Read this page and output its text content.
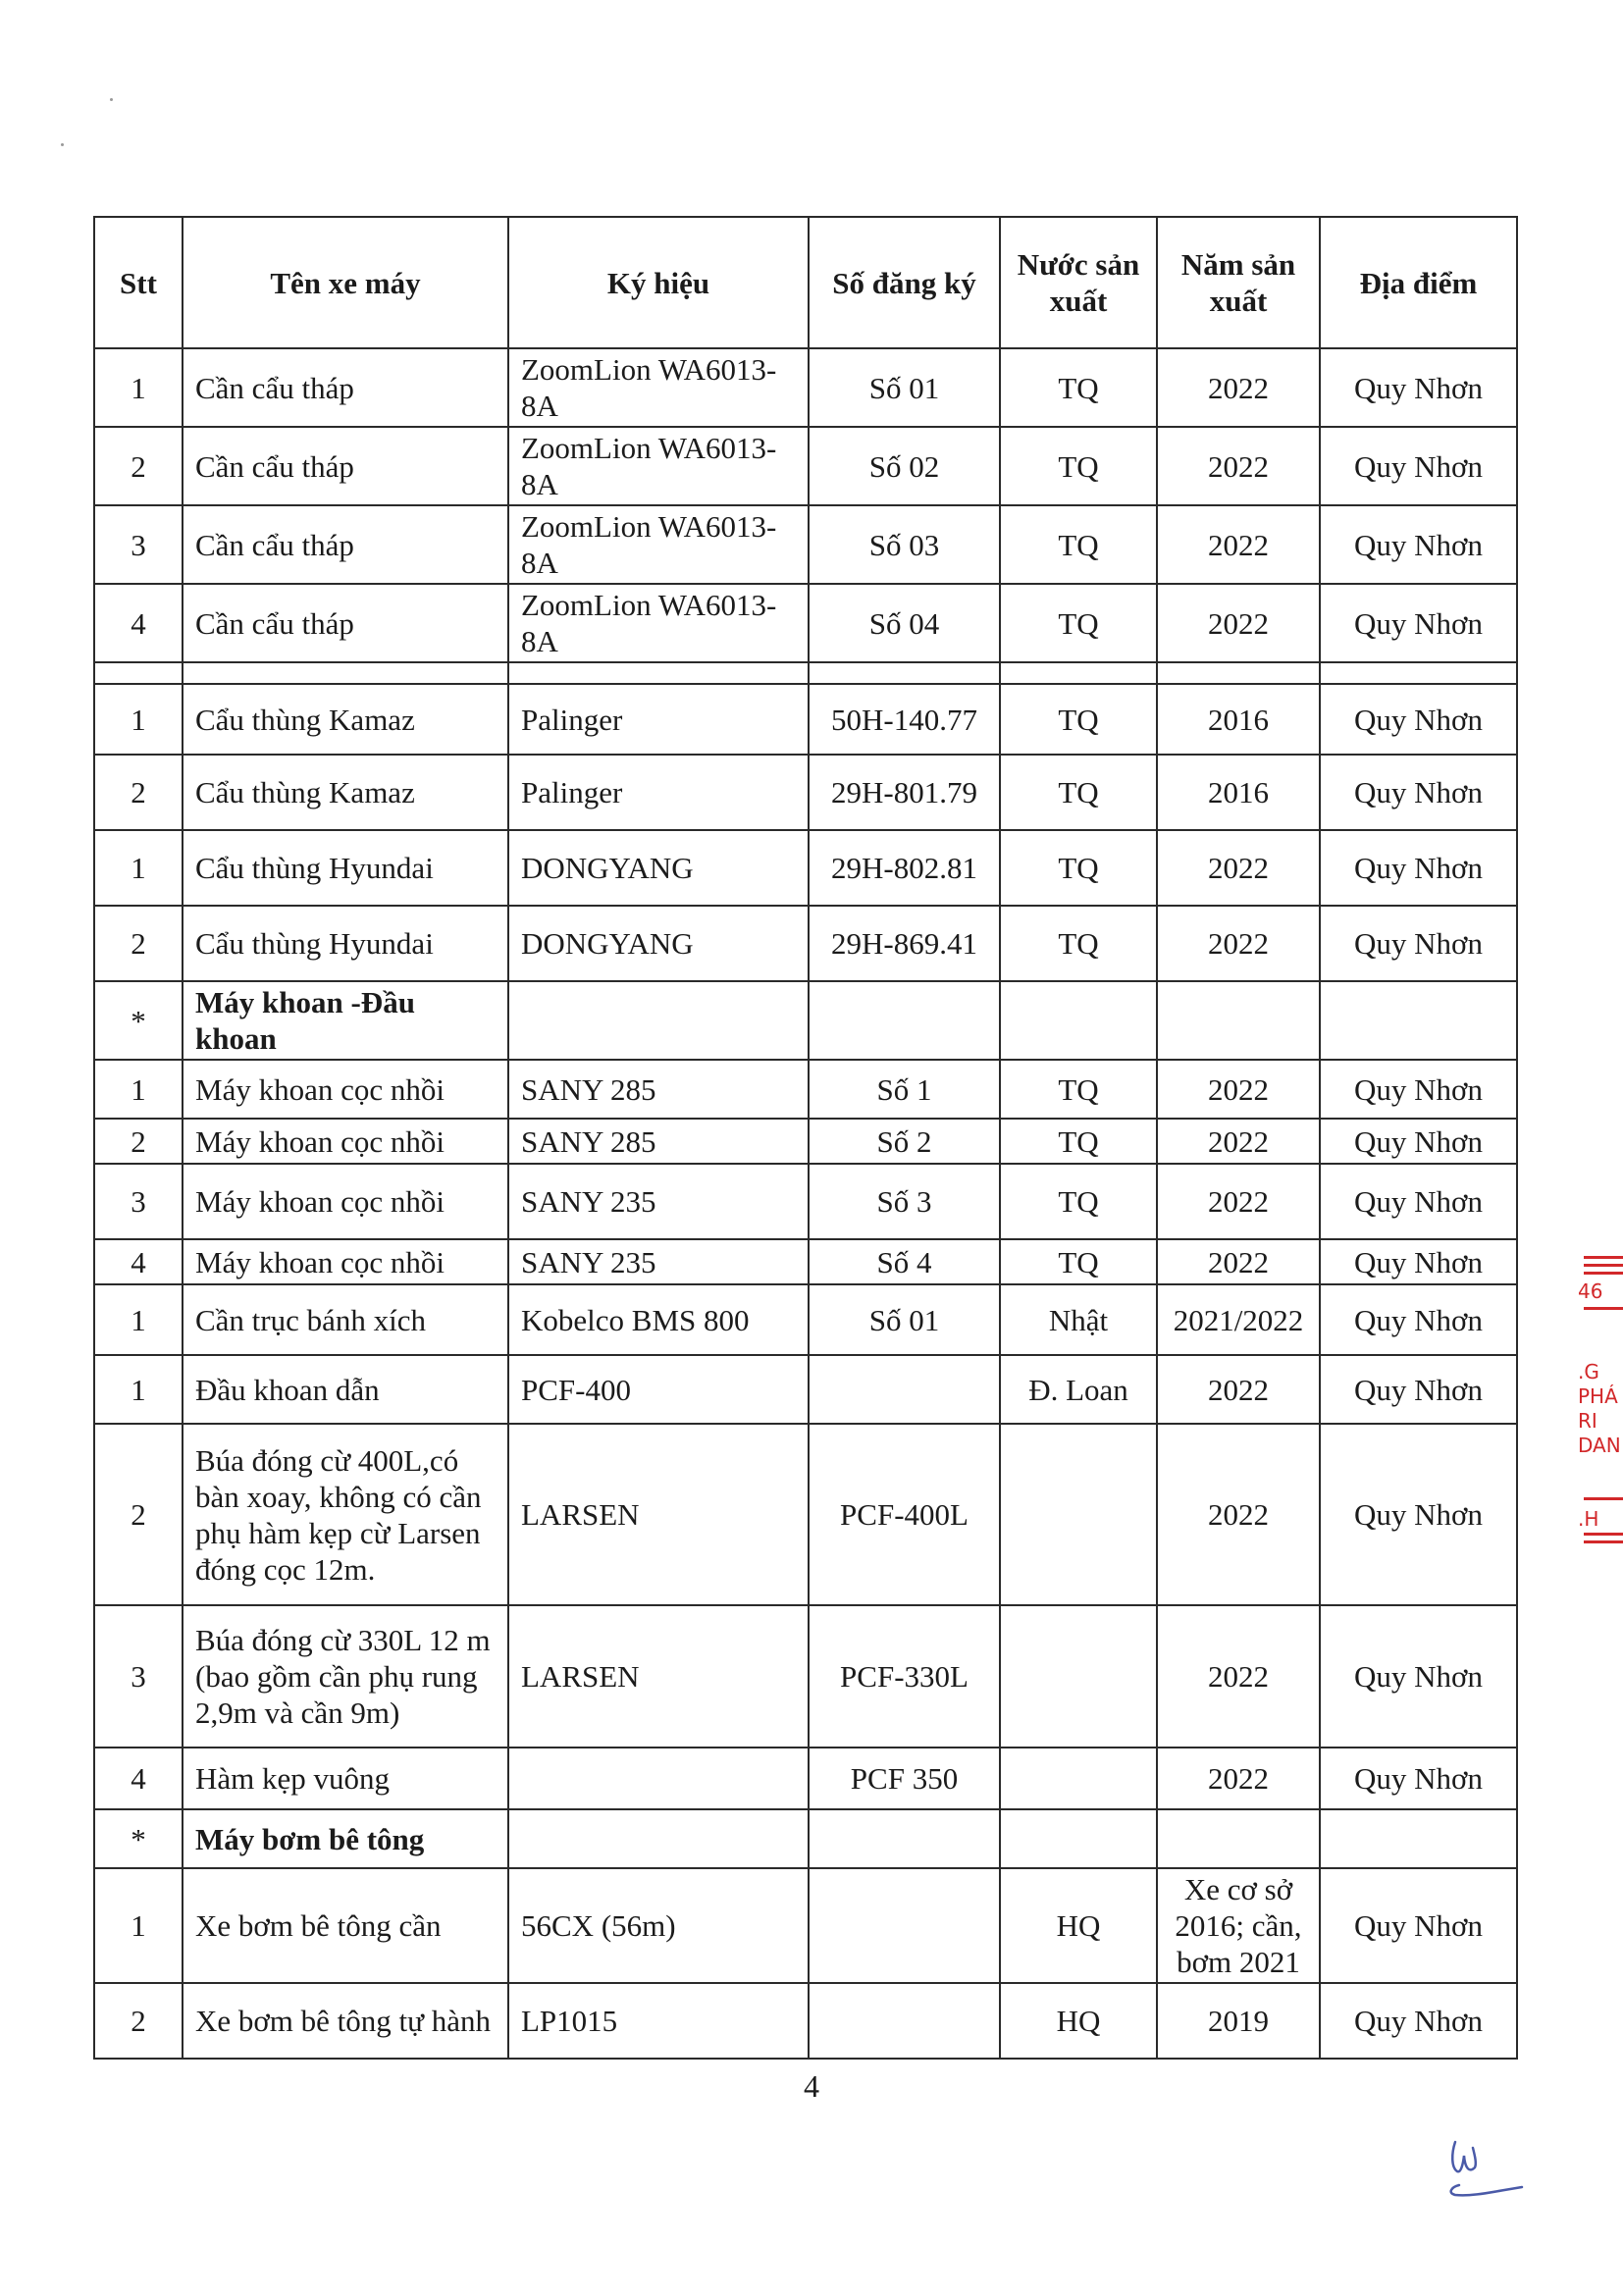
Stt	Tên xe máy	Ký hiệu	Số đăng ký	Nước sản xuất	Năm sản xuất	Địa điểm
1	Cần cẩu tháp	ZoomLion WA6013-8A	Số 01	TQ	2022	Quy Nhơn
2	Cần cẩu tháp	ZoomLion WA6013-8A	Số 02	TQ	2022	Quy Nhơn
3	Cần cẩu tháp	ZoomLion WA6013-8A	Số 03	TQ	2022	Quy Nhơn
4	Cần cẩu tháp	ZoomLion WA6013-8A	Số 04	TQ	2022	Quy Nhơn

1	Cẩu thùng Kamaz	Palinger	50H-140.77	TQ	2016	Quy Nhơn
2	Cẩu thùng Kamaz	Palinger	29H-801.79	TQ	2016	Quy Nhơn
1	Cẩu thùng Hyundai	DONGYANG	29H-802.81	TQ	2022	Quy Nhơn
2	Cẩu thùng Hyundai	DONGYANG	29H-869.41	TQ	2022	Quy Nhơn
*	Máy khoan -Đầu khoan					
1	Máy khoan cọc nhồi	SANY 285	Số 1	TQ	2022	Quy Nhơn
2	Máy khoan cọc nhồi	SANY 285	Số 2	TQ	2022	Quy Nhơn
3	Máy khoan cọc nhồi	SANY 235	Số 3	TQ	2022	Quy Nhơn
4	Máy khoan cọc nhồi	SANY 235	Số 4	TQ	2022	Quy Nhơn
1	Cần trục bánh xích	Kobelco BMS 800	Số 01	Nhật	2021/2022	Quy Nhơn
1	Đầu khoan dẫn	PCF-400		Đ. Loan	2022	Quy Nhơn
2	Búa đóng cừ 400L,có bàn xoay, không có cần phụ hàm kẹp cừ Larsen đóng cọc 12m.	LARSEN	PCF-400L		2022	Quy Nhơn
3	Búa đóng cừ 330L 12 m (bao gồm cần phụ rung 2,9m và cần 9m)	LARSEN	PCF-330L		2022	Quy Nhơn
4	Hàm kẹp vuông		PCF 350		2022	Quy Nhơn
*	Máy bơm bê tông					
1	Xe bơm bê tông cần	56CX (56m)		HQ	Xe cơ sở 2016; cần, bơm 2021	Quy Nhơn
2	Xe bơm bê tông tự hành	LP1015		HQ	2019	Quy Nhơn
4
46
.G
PHÁ
RI
DAN
.H
